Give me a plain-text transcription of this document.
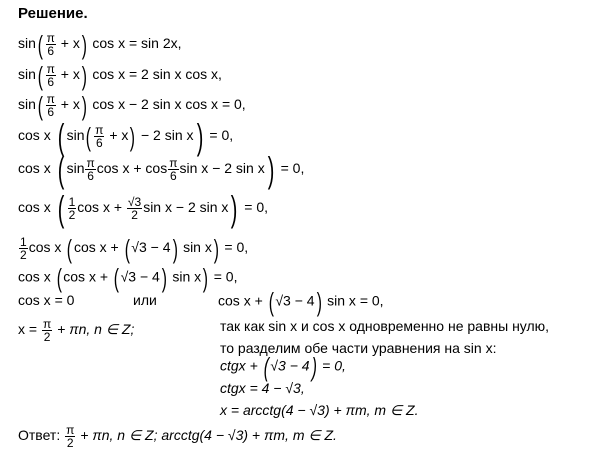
Решение.
$\sin( \frac{\pi}{6} + x)$ cos x = sin 2x,
$\sin( \frac{\pi}{6} + x)$ cos x = 2 sin x cos x,
$\sin( \frac{\pi}{6} + x)$ cos x − 2 sin x cos x = 0,
cos x ( $\sin( \frac{\pi}{6} + x) - 2$ sin x) = 0,
cos x ( $\sin \frac{\pi}{6}$ $\cos x + \cos \frac{\pi}{6}$ sin x − 2 sin x) = 0,
cos x ( $\frac{1}{2}$ $\cos x + \frac{√3}{2}$ sin x − 2 sin x) = 0,
$\frac{1}{2}$ cos x ( cos x + ( √3 − 4) sin x) = 0,
cos x ( cos x + ( √3 − 4) sin x) = 0,
cos x = 0	или	cos x + ( √3 − 4) sin x = 0,
$x = \frac{\pi}{2} + \pi n$, n ∈ Z;	так как sin x и cos x одновременно не равны нулю,
то разделим обе части уравнения на sin x:
ctgx + ( √3 − 4) = 0,
ctgx = 4 − √3,
x = arcctg(4 − √3) + πm, m ∈ Z.
Ответ: $\frac{\pi}{2} + \pi n$, n ∈ Z; arcctg(4 − √3) + πm, m ∈ Z.
